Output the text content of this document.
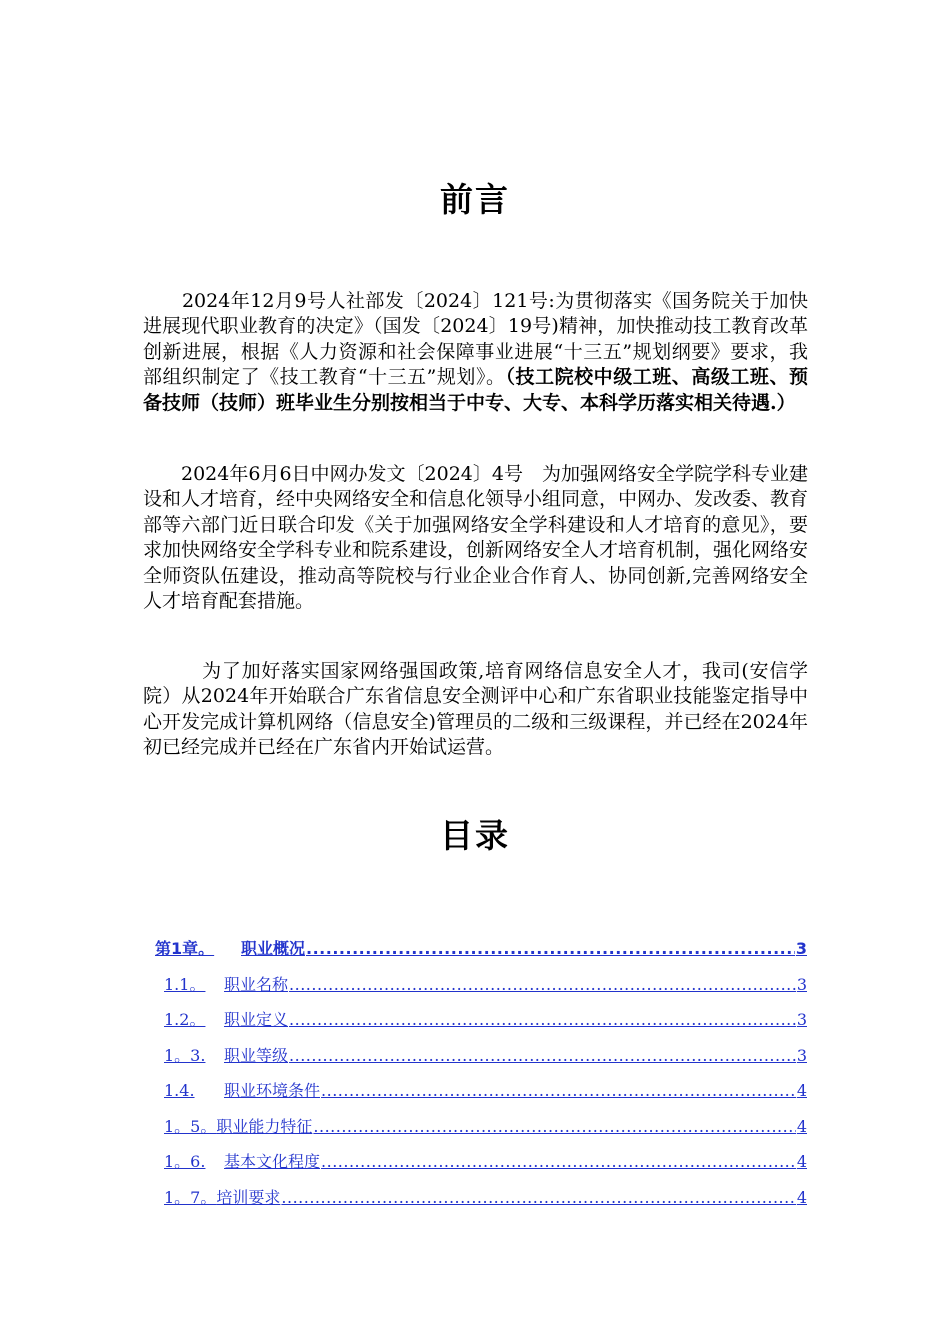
前言
　　2024年12月9号人社部发〔2024〕121号:为贯彻落实《国务院关于加快进展现代职业教育的决定》（国发〔2024〕19号)精神，加快推动技工教育改革创新进展，根据《人力资源和社会保障事业进展“十三五”规划纲要》要求，我部组织制定了《技工教育“十三五”规划》。（技工院校中级工班、高级工班、预备技师（技师）班毕业生分别按相当于中专、大专、本科学历落实相关待遇.）
　　2024年6月6日中网办发文〔2024〕4号　为加强网络安全学院学科专业建设和人才培育，经中央网络安全和信息化领导小组同意，中网办、发改委、教育部等六部门近日联合印发《关于加强网络安全学科建设和人才培育的意见》，要求加快网络安全学科专业和院系建设，创新网络安全人才培育机制，强化网络安全师资队伍建设，推动高等院校与行业企业合作育人、协同创新,完善网络安全人才培育配套措施。
　　　为了加好落实国家网络强国政策,培育网络信息安全人才，我司(安信学院）从2024年开始联合广东省信息安全测评中心和广东省职业技能鉴定指导中心开发完成计算机网络（信息安全)管理员的二级和三级课程，并已经在2024年初已经完成并已经在广东省内开始试运营。
目录
第1章。	职业概况 .....	3
1.1。	职业名称 .....	3
1.2。	职业定义 .....	3
1。3.	职业等级 .....	3
1.4.	职业环境条件 .....	4
1。5。 职业能力特征 .....	4
1。6.	基本文化程度 .....	4
1。7。 培训要求 .....	4
